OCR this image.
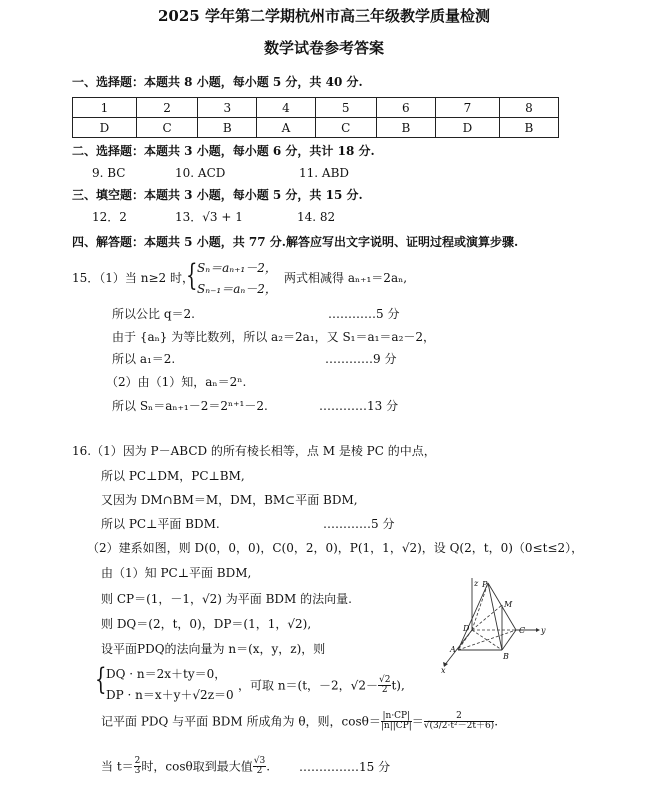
2025 学年第二学期杭州市高三年级教学质量检测
数学试卷参考答案
一、选择题：本题共 8 小题，每小题 5 分，共 40 分.
1	2	3	4	5	6	7	8
D	C	B	A	C	B	D	B
二、选择题：本题共 3 小题，每小题 6 分，共计 18 分.
9. BC	10. ACD	11. ABD
三、填空题：本题共 3 小题，每小题 5 分，共 15 分.
12．2	13．√3 + 1	14. 82
四、解答题：本题共 5 小题，共 77 分.解答应写出文字说明、证明过程或演算步骤.
15．（1）当 n≥2 时，
{ Sₙ＝aₙ₊₁－2，
Sₙ₋₁＝aₙ－2，
两式相减得 aₙ₊₁＝2aₙ,
所以公比 q＝2.	…………5 分
由于 {aₙ} 为等比数列，所以 a₂＝2a₁，又 S₁＝a₁＝a₂－2，
所以 a₁＝2.	…………9 分
（2）由（1）知，aₙ＝2ⁿ.
所以 Sₙ＝aₙ₊₁－2＝2ⁿ⁺¹－2.	…………13 分
16.（1）因为 P－ABCD 的所有棱长相等，点 M 是棱 PC 的中点，
所以 PC⊥DM，PC⊥BM,
又因为 DM∩BM＝M，DM，BM⊂平面 BDM,
所以 PC⊥平面 BDM.	…………5 分
（2）建系如图，则 D(0，0，0)，C(0，2，0)，P(1，1，√2)，设 Q(2，t，0)（0≤t≤2），
由（1）知 PC⊥平面 BDM,
则 CP＝(1，－1，√2) 为平面 BDM 的法向量.
则 DQ＝(2，t，0)，DP＝(1，1，√2),
设平面PDQ的法向量为 n＝(x，y，z)，则
{ DQ · n＝2x＋ty＝0，
DP · n＝x＋y＋√2z＝0
，可取 n＝(t，－2，$√2- \frac{√2}{2} t$),
记平面 PDQ 与平面 BDM 所成角为 θ，则，$\cos\theta= \frac{|n\cdot CP|}{|n||CP|} = \frac{2}{\text{√(3/2·t²－2t＋6)}}$ .
当 $t= \frac{2}{3}$ 时，cosθ取到最大值 $\frac{√3}{2}$ . ……………15 分
P
M
D	C y
x
A
B
z
